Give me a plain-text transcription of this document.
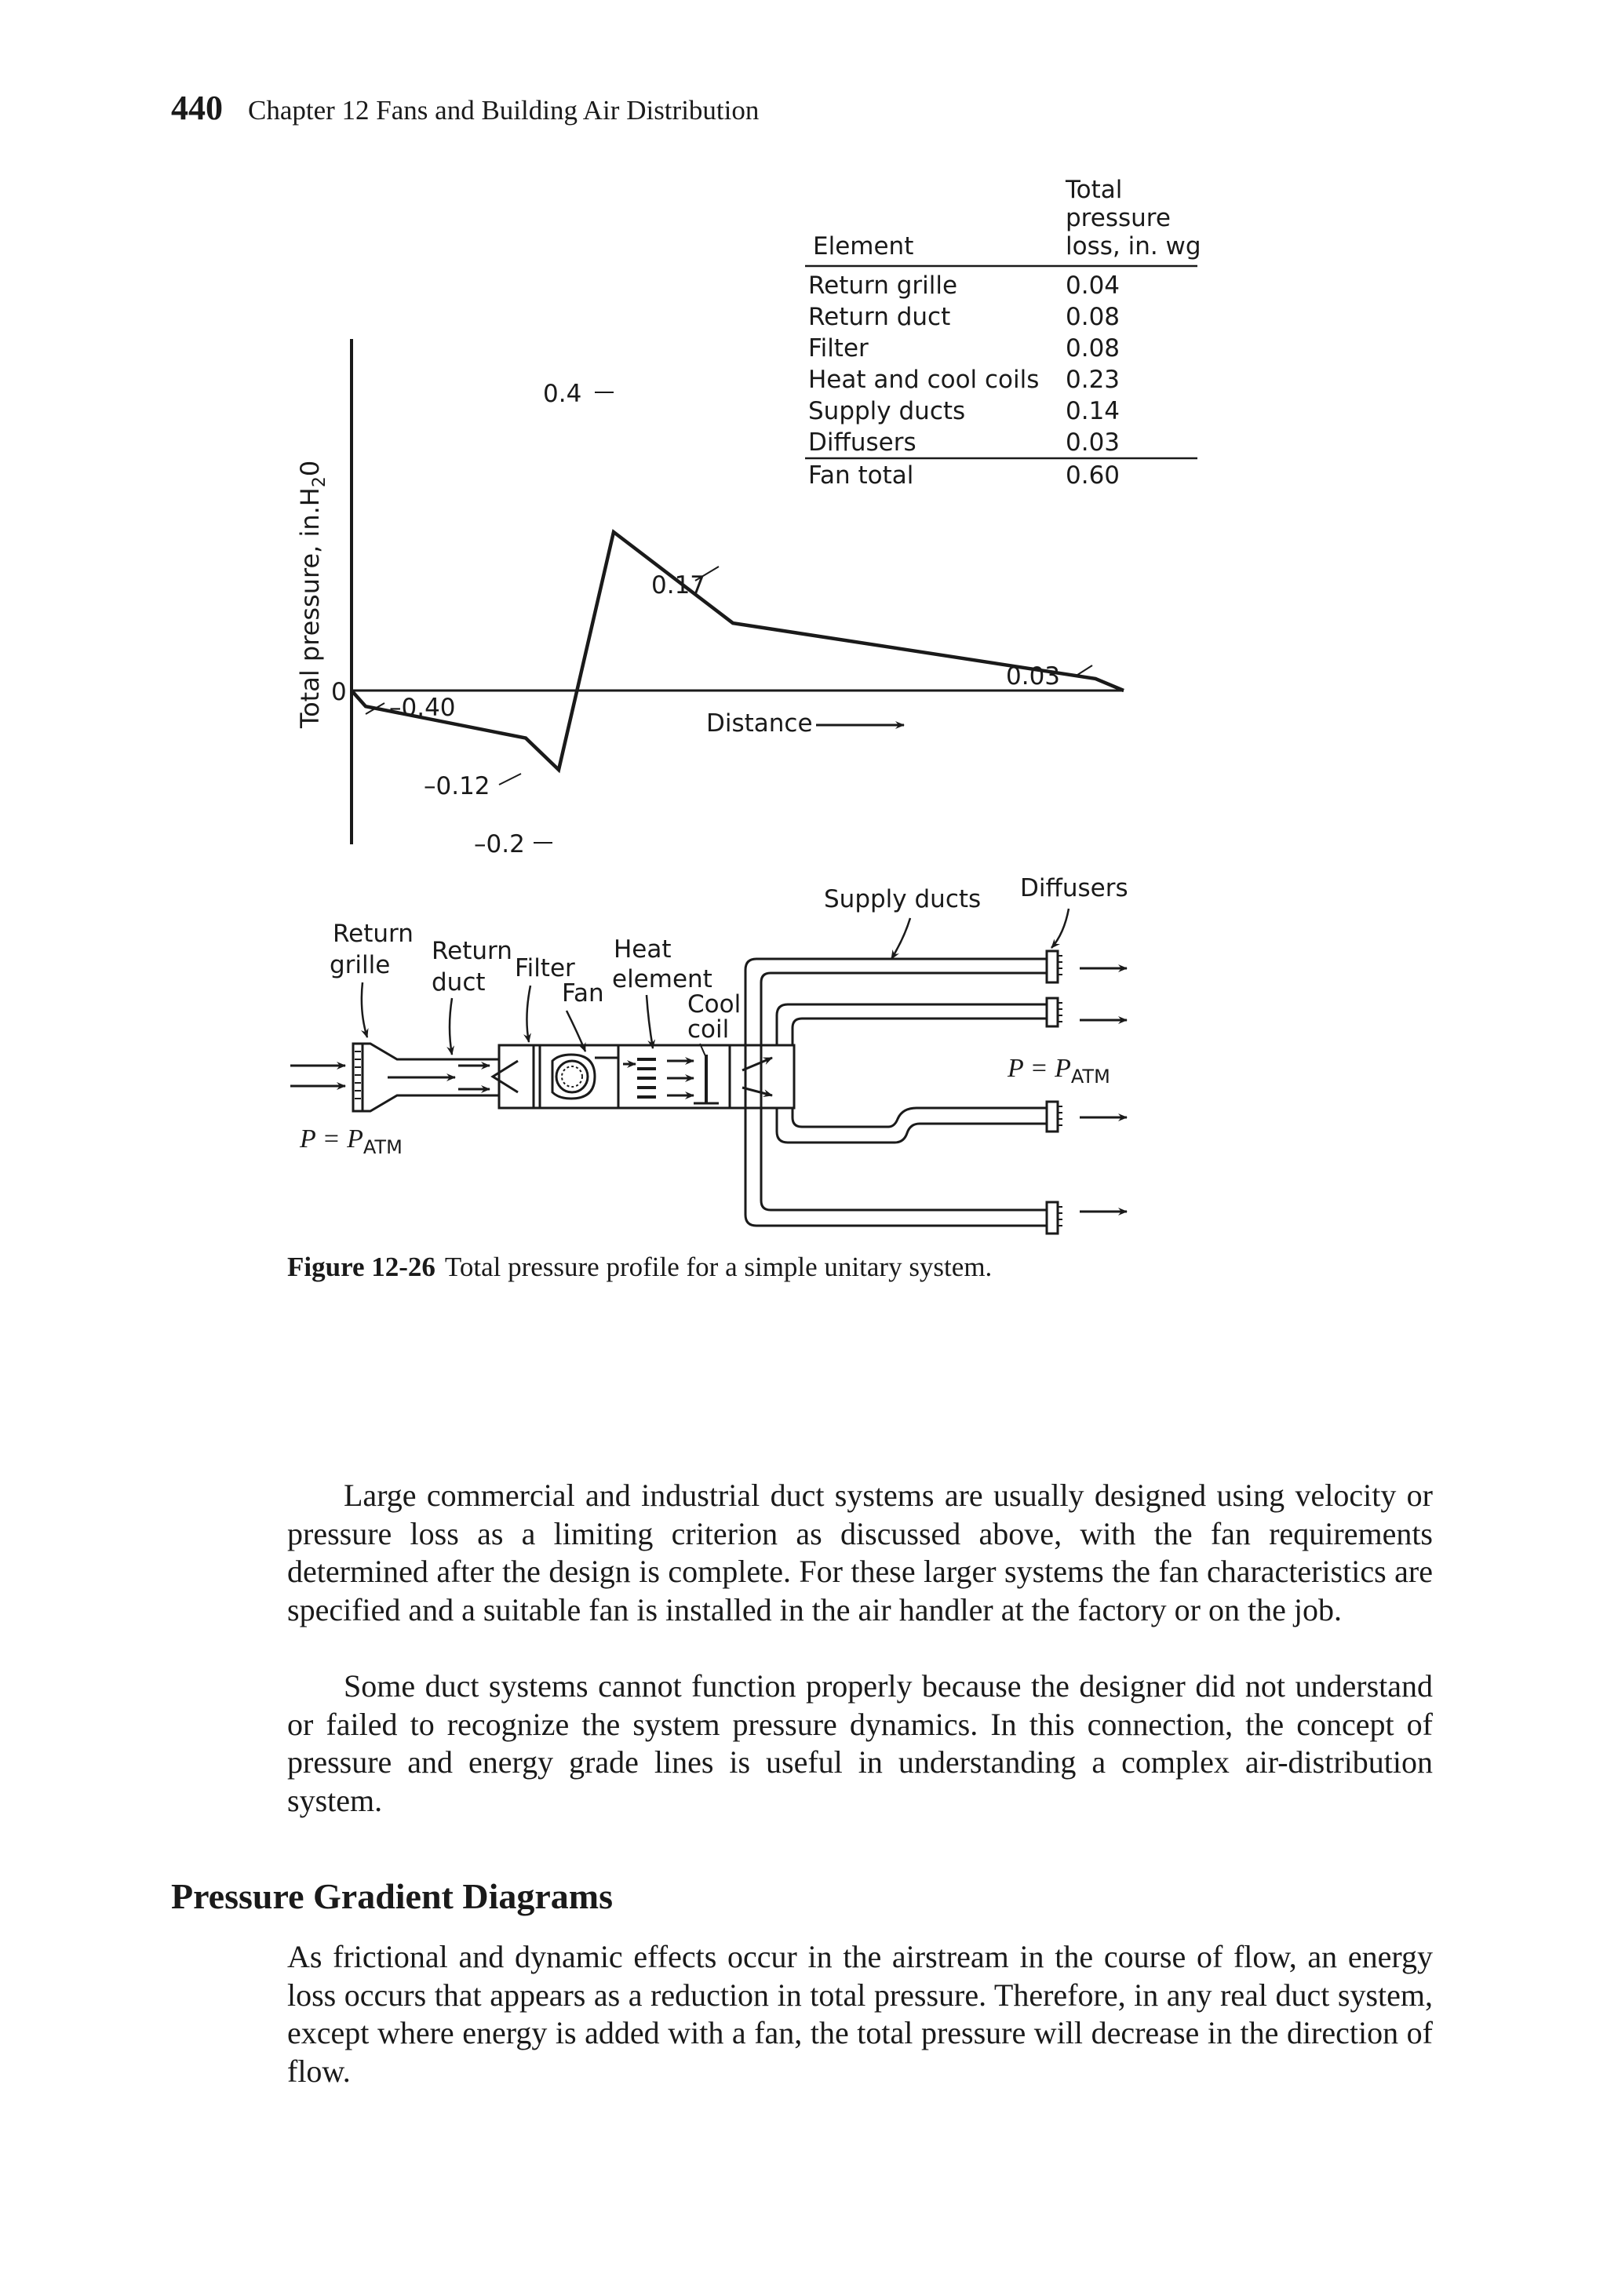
440 Chapter 12 Fans and Building Air Distribution
Total
pressure
loss, in. wg
Element
Return grille	0.04
Return duct	0.08
Filter	0.08
Heat and cool coils 0.23
Supply ducts	0.14
Diffusers	0.03
Fan total	0.60
Total pressure, $in.H_20$
0
Distance
0.4
0.17
0.03
–0.40
–0.12
–0.2
Return
grille Return
duct Filter
Fan
Heat
element
Cool
coil
Supply ducts Diffusers
$P = P_{ATM}$
$P = P_{ATM}$
Figure 12-26 Total pressure profile for a simple unitary system.

Large commercial and industrial duct systems are usually designed using velocity or pressure loss as a limiting criterion as discussed above, with the fan requirements determined after the design is complete. For these larger systems the fan characteristics are specified and a suitable fan is installed in the air handler at the factory or on the job.

Some duct systems cannot function properly because the designer did not understand or failed to recognize the system pressure dynamics. In this connection, the concept of pressure and energy grade lines is useful in understanding a complex air-distribution system.

Pressure Gradient Diagrams

As frictional and dynamic effects occur in the airstream in the course of flow, an energy loss occurs that appears as a reduction in total pressure. Therefore, in any real duct system, except where energy is added with a fan, the total pressure will decrease in the direction of flow.
